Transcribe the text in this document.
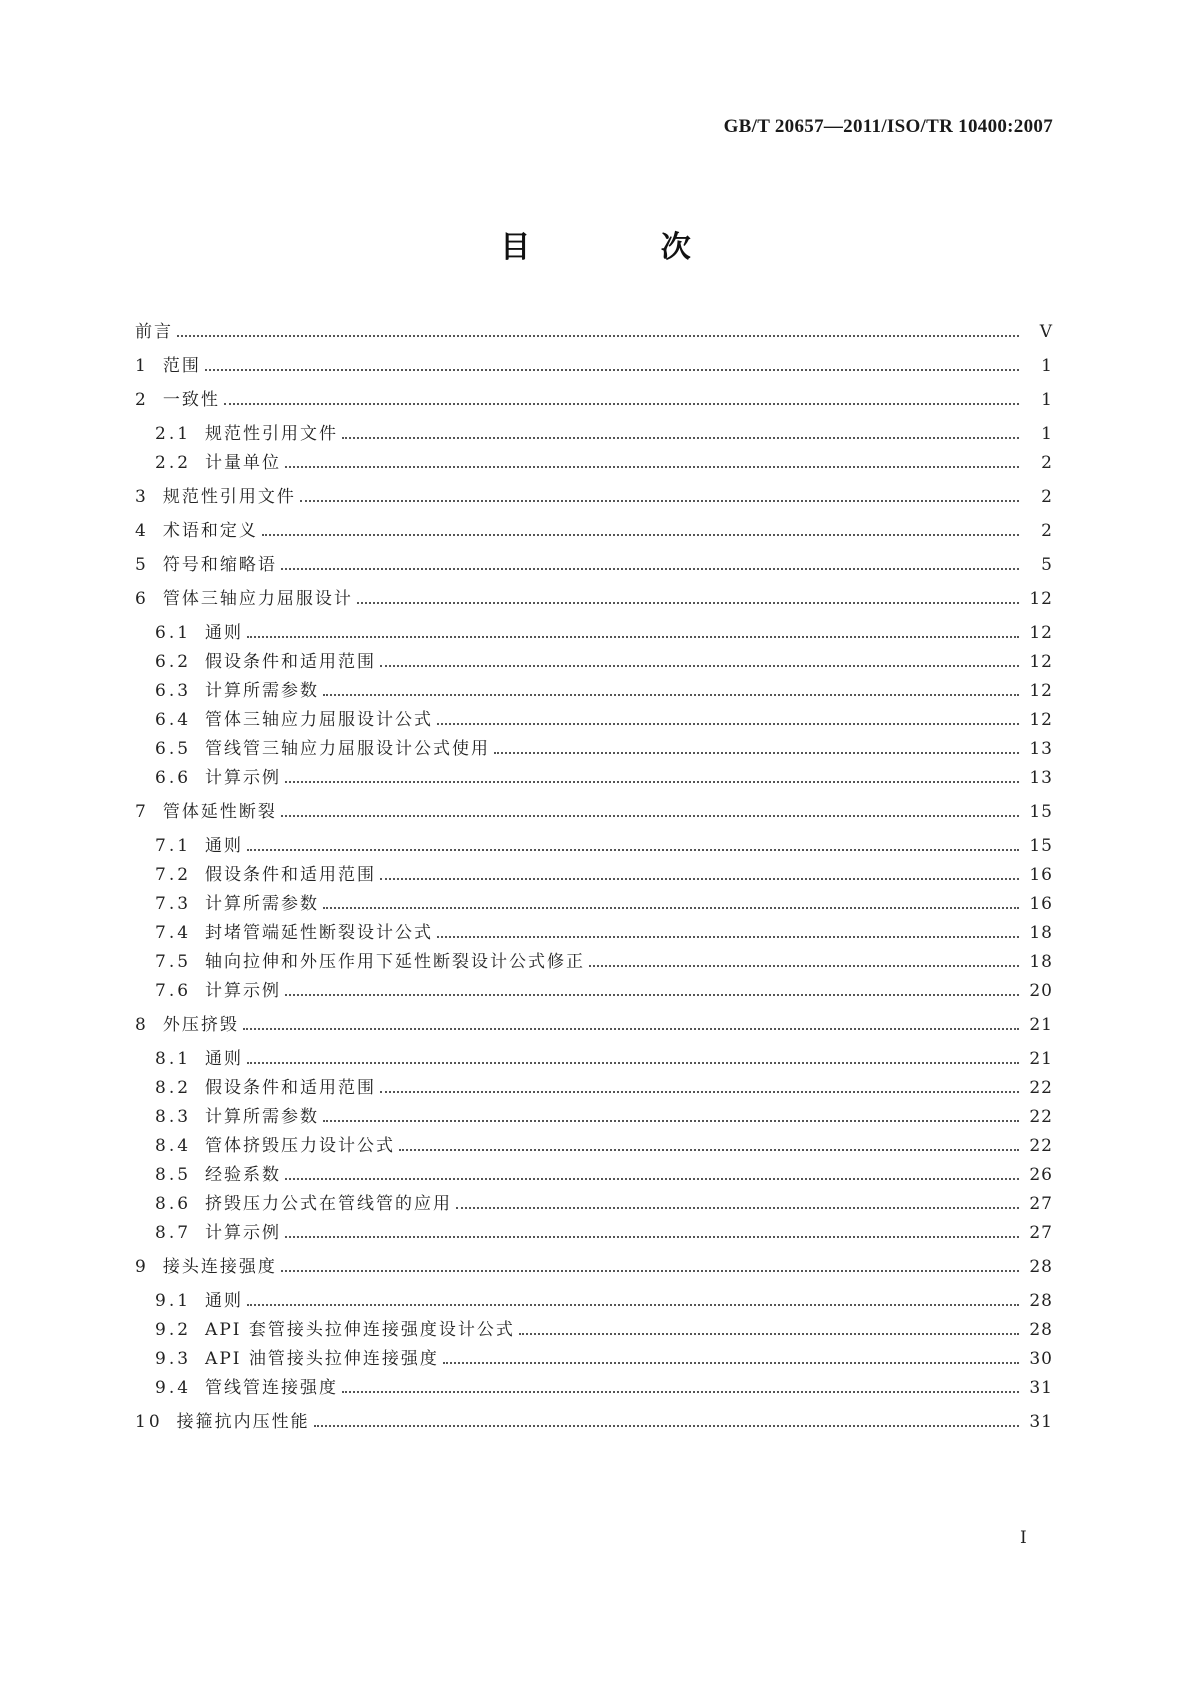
GB/T 20657—2011/ISO/TR 10400:2007
目 次
前言	Ⅴ
1 范围	1
2 一致性	1
2.1 规范性引用文件	1
2.2 计量单位	2
3 规范性引用文件	2
4 术语和定义	2
5 符号和缩略语	5
6 管体三轴应力屈服设计	12
6.1 通则	12
6.2 假设条件和适用范围	12
6.3 计算所需参数	12
6.4 管体三轴应力屈服设计公式	12
6.5 管线管三轴应力屈服设计公式使用	13
6.6 计算示例	13
7 管体延性断裂	15
7.1 通则	15
7.2 假设条件和适用范围	16
7.3 计算所需参数	16
7.4 封堵管端延性断裂设计公式	18
7.5 轴向拉伸和外压作用下延性断裂设计公式修正	18
7.6 计算示例	20
8 外压挤毁	21
8.1 通则	21
8.2 假设条件和适用范围	22
8.3 计算所需参数	22
8.4 管体挤毁压力设计公式	22
8.5 经验系数	26
8.6 挤毁压力公式在管线管的应用	27
8.7 计算示例	27
9 接头连接强度	28
9.1 通则	28
9.2 API 套管接头拉伸连接强度设计公式	28
9.3 API 油管接头拉伸连接强度	30
9.4 管线管连接强度	31
10 接箍抗内压性能	31
Ⅰ
